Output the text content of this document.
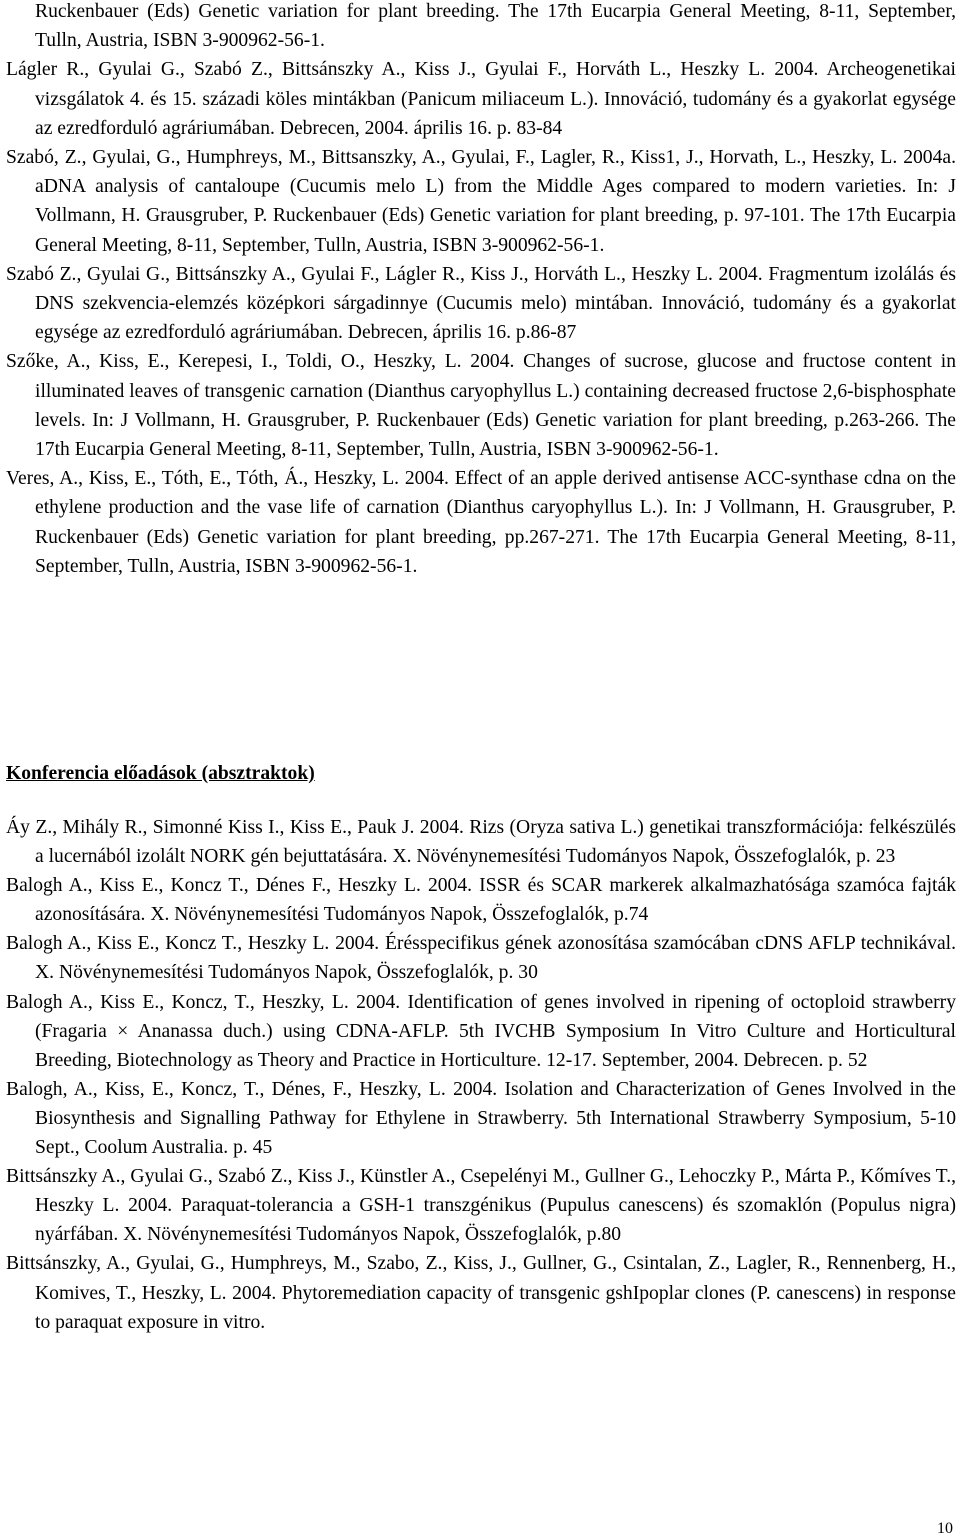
Ruckenbauer (Eds) Genetic variation for plant breeding. The 17th Eucarpia General Meeting, 8-11, September, Tulln, Austria, ISBN 3-900962-56-1.

Lágler R., Gyulai G., Szabó Z., Bittsánszky A., Kiss J., Gyulai F., Horváth L., Heszky L. 2004. Archeogenetikai vizsgálatok 4. és 15. századi köles mintákban (Panicum miliaceum L.). Innováció, tudomány és a gyakorlat egysége az ezredforduló agráriumában. Debrecen, 2004. április 16. p. 83-84

Szabó, Z., Gyulai, G., Humphreys, M., Bittsanszky, A., Gyulai, F., Lagler, R., Kiss1, J., Horvath, L., Heszky, L. 2004a. aDNA analysis of cantaloupe (Cucumis melo L) from the Middle Ages compared to modern varieties. In: J Vollmann, H. Grausgruber, P. Ruckenbauer (Eds) Genetic variation for plant breeding, p. 97-101. The 17th Eucarpia General Meeting, 8-11, September, Tulln, Austria, ISBN 3-900962-56-1.

Szabó Z., Gyulai G., Bittsánszky A., Gyulai F., Lágler R., Kiss J., Horváth L., Heszky L. 2004. Fragmentum izolálás és DNS szekvencia-elemzés középkori sárgadinnye (Cucumis melo) mintában. Innováció, tudomány és a gyakorlat egysége az ezredforduló agráriumában. Debrecen, április 16. p.86-87

Szőke, A., Kiss, E., Kerepesi, I., Toldi, O., Heszky, L. 2004. Changes of sucrose, glucose and fructose content in illuminated leaves of transgenic carnation (Dianthus caryophyllus L.) containing decreased fructose 2,6-bisphosphate levels. In: J Vollmann, H. Grausgruber, P. Ruckenbauer (Eds) Genetic variation for plant breeding, p.263-266. The 17th Eucarpia General Meeting, 8-11, September, Tulln, Austria, ISBN 3-900962-56-1.

Veres, A., Kiss, E., Tóth, E., Tóth, Á., Heszky, L. 2004. Effect of an apple derived antisense ACC-synthase cdna on the ethylene production and the vase life of carnation (Dianthus caryophyllus L.). In: J Vollmann, H. Grausgruber, P. Ruckenbauer (Eds) Genetic variation for plant breeding, pp.267-271. The 17th Eucarpia General Meeting, 8-11, September, Tulln, Austria, ISBN 3-900962-56-1.

Konferencia előadások (absztraktok)

Áy Z., Mihály R., Simonné Kiss I., Kiss E., Pauk J. 2004. Rizs (Oryza sativa L.) genetikai transzformációja: felkészülés a lucernából izolált NORK gén bejuttatására. X. Növénynemesítési Tudományos Napok, Összefoglalók, p. 23

Balogh A., Kiss E., Koncz T., Dénes F., Heszky L. 2004. ISSR és SCAR markerek alkalmazhatósága szamóca fajták azonosítására. X. Növénynemesítési Tudományos Napok, Összefoglalók, p.74

Balogh A., Kiss E., Koncz T., Heszky L. 2004. Érésspecifikus gének azonosítása szamócában cDNS AFLP technikával. X. Növénynemesítési Tudományos Napok, Összefoglalók, p. 30

Balogh A., Kiss E., Koncz, T., Heszky, L. 2004. Identification of genes involved in ripening of octoploid strawberry (Fragaria × Ananassa duch.) using CDNA-AFLP. 5th IVCHB Symposium In Vitro Culture and Horticultural Breeding, Biotechnology as Theory and Practice in Horticulture. 12-17. September, 2004. Debrecen. p. 52

Balogh, A., Kiss, E., Koncz, T., Dénes, F., Heszky, L. 2004. Isolation and Characterization of Genes Involved in the Biosynthesis and Signalling Pathway for Ethylene in Strawberry. 5th International Strawberry Symposium, 5-10 Sept., Coolum Australia. p. 45

Bittsánszky A., Gyulai G., Szabó Z., Kiss J., Künstler A., Csepelényi M., Gullner G., Lehoczky P., Márta P., Kőmíves T., Heszky L. 2004. Paraquat-tolerancia a GSH-1 transzgénikus (Pupulus canescens) és szomaklón (Populus nigra) nyárfában. X. Növénynemesítési Tudományos Napok, Összefoglalók, p.80

Bittsánszky, A., Gyulai, G., Humphreys, M., Szabo, Z., Kiss, J., Gullner, G., Csintalan, Z., Lagler, R., Rennenberg, H., Komives, T., Heszky, L. 2004. Phytoremediation capacity of transgenic gshIpoplar clones (P. canescens) in response to paraquat exposure in vitro.

10
